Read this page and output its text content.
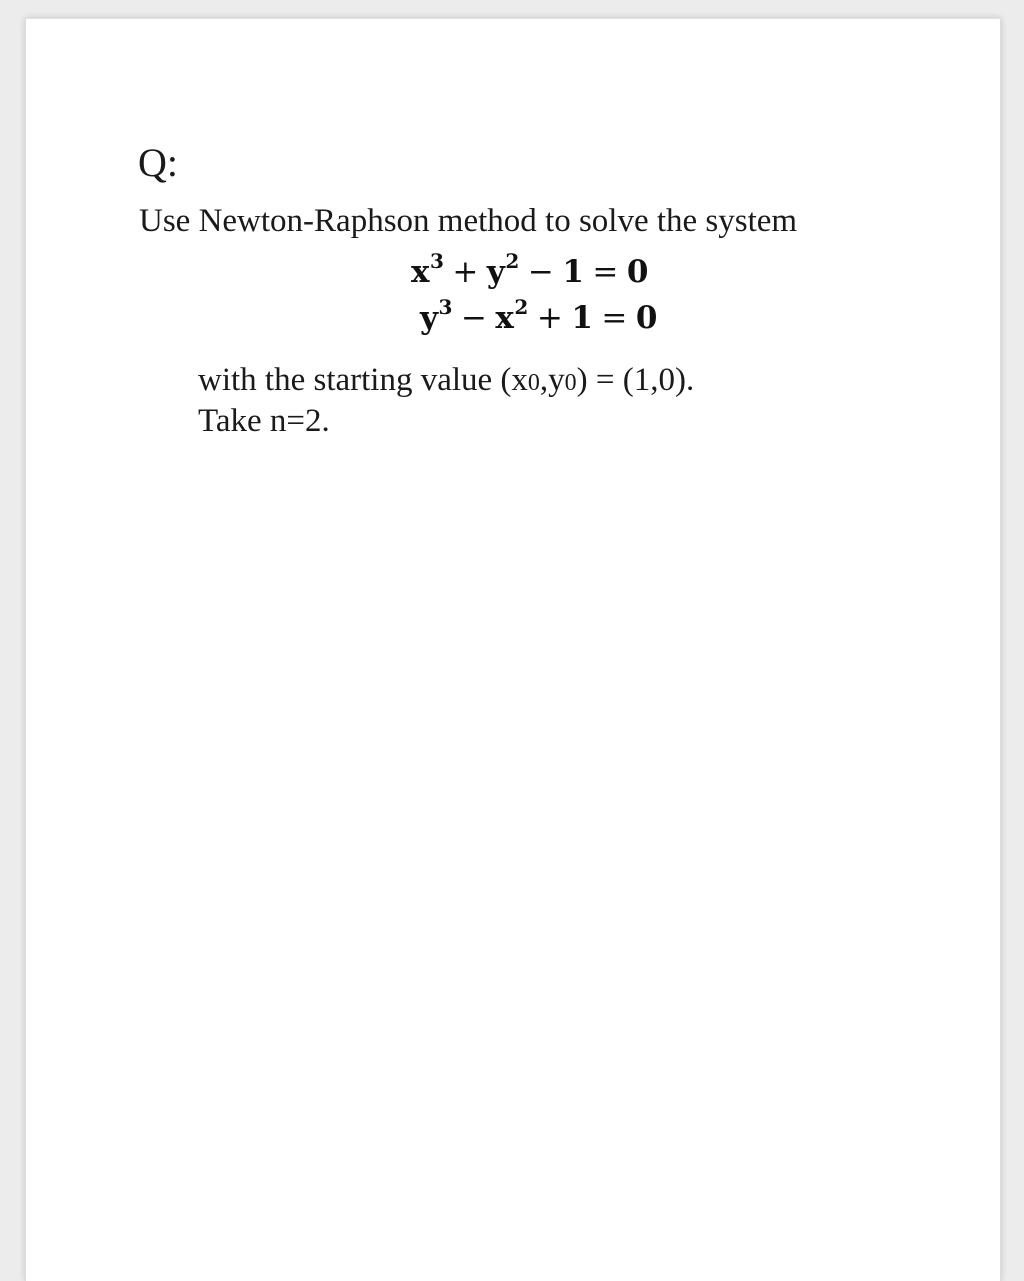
Q:
Use Newton-Raphson method to solve the system
$x^3 + y^2 - 1 = 0$
$y^3 - x^2 + 1 = 0$
with the starting value (x0,y0) = (1,0).
Take n=2.
